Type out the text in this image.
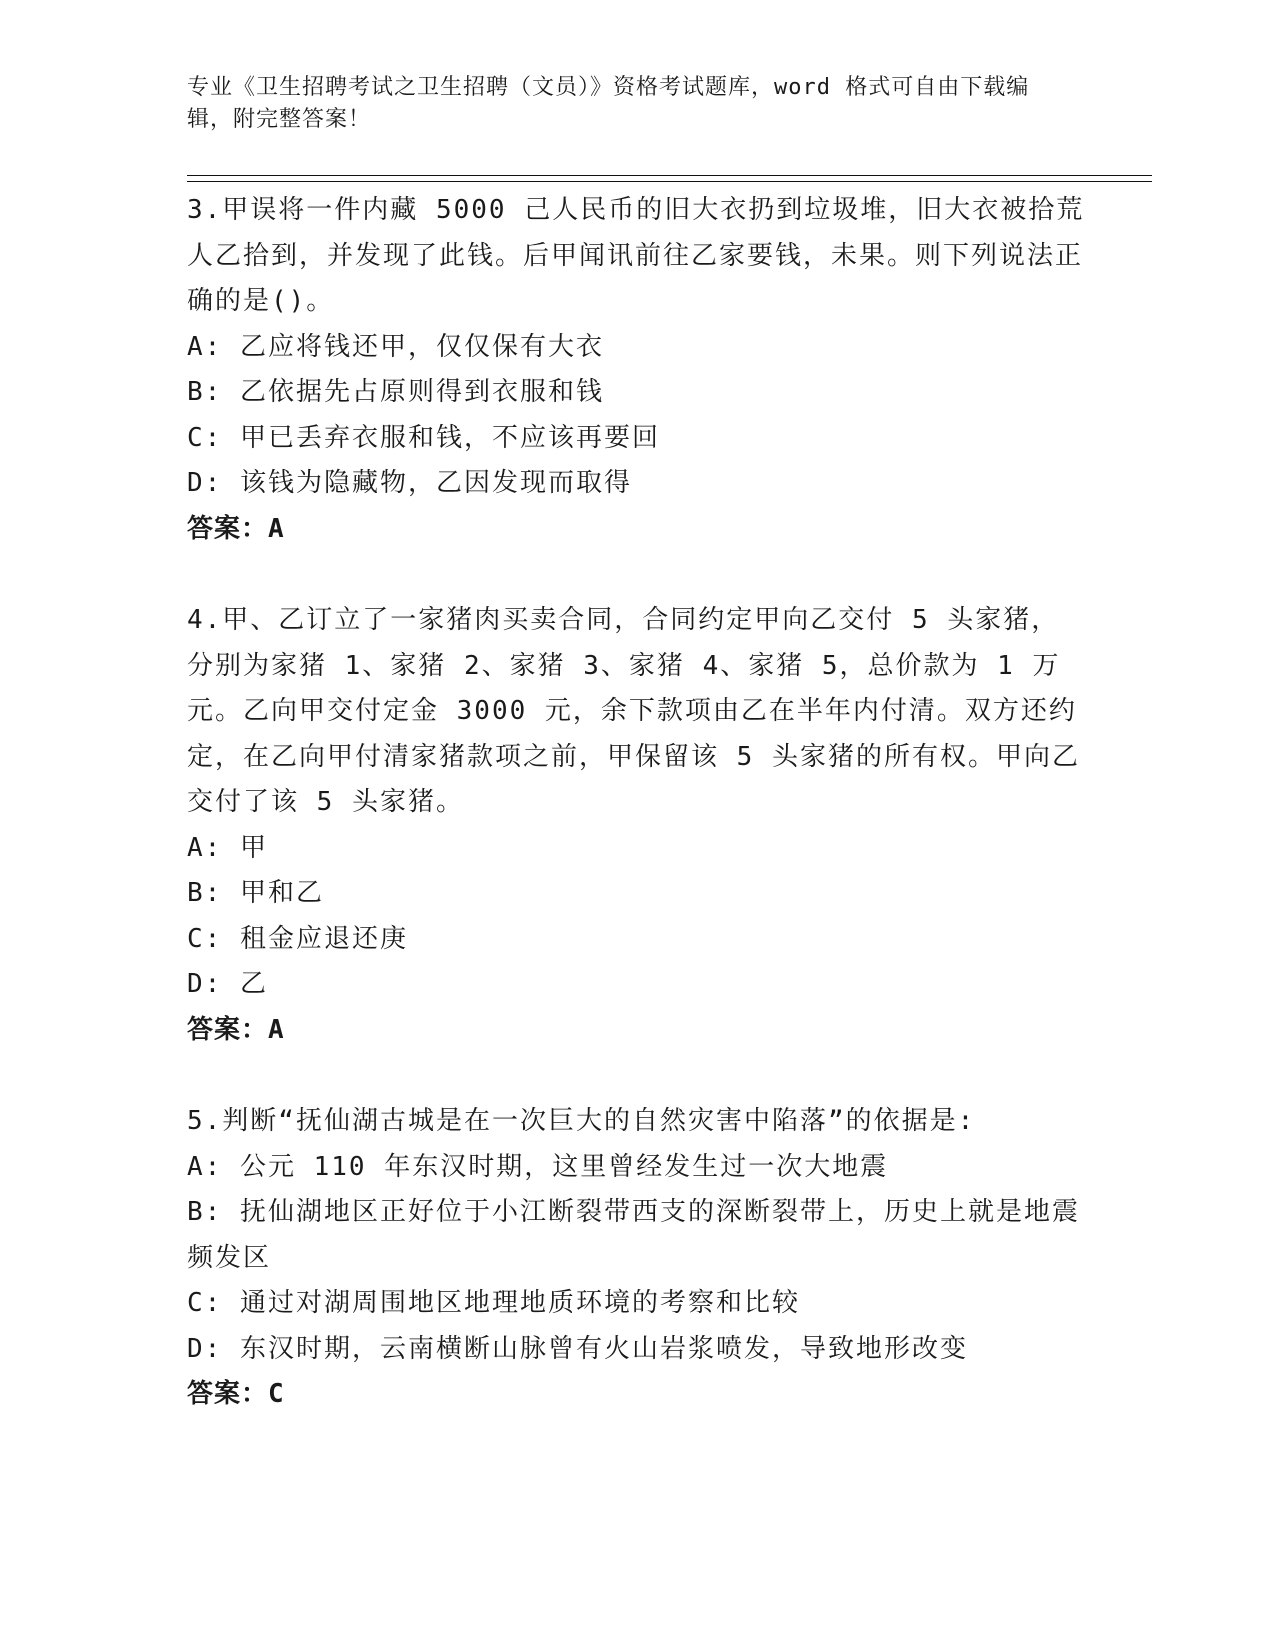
专业《卫生招聘考试之卫生招聘（文员）》资格考试题库，word 格式可自由下载编辑，附完整答案！

3.甲误将一件内藏 5000 己人民币的旧大衣扔到垃圾堆，旧大衣被拾荒人乙拾到，并发现了此钱。后甲闻讯前往乙家要钱，未果。则下列说法正确的是()。

A: 乙应将钱还甲，仅仅保有大衣

B: 乙依据先占原则得到衣服和钱

C: 甲已丢弃衣服和钱，不应该再要回

D: 该钱为隐藏物，乙因发现而取得

答案：A

4.甲、乙订立了一家猪肉买卖合同，合同约定甲向乙交付 5 头家猪，分别为家猪 1、家猪 2、家猪 3、家猪 4、家猪 5，总价款为 1 万元。乙向甲交付定金 3000 元，余下款项由乙在半年内付清。双方还约定，在乙向甲付清家猪款项之前，甲保留该 5 头家猪的所有权。甲向乙交付了该 5 头家猪。

A: 甲

B: 甲和乙

C: 租金应退还庚

D: 乙

答案：A

5.判断“抚仙湖古城是在一次巨大的自然灾害中陷落”的依据是:

A: 公元 110 年东汉时期，这里曾经发生过一次大地震

B: 抚仙湖地区正好位于小江断裂带西支的深断裂带上，历史上就是地震频发区

C: 通过对湖周围地区地理地质环境的考察和比较

D: 东汉时期，云南横断山脉曾有火山岩浆喷发，导致地形改变

答案：C
